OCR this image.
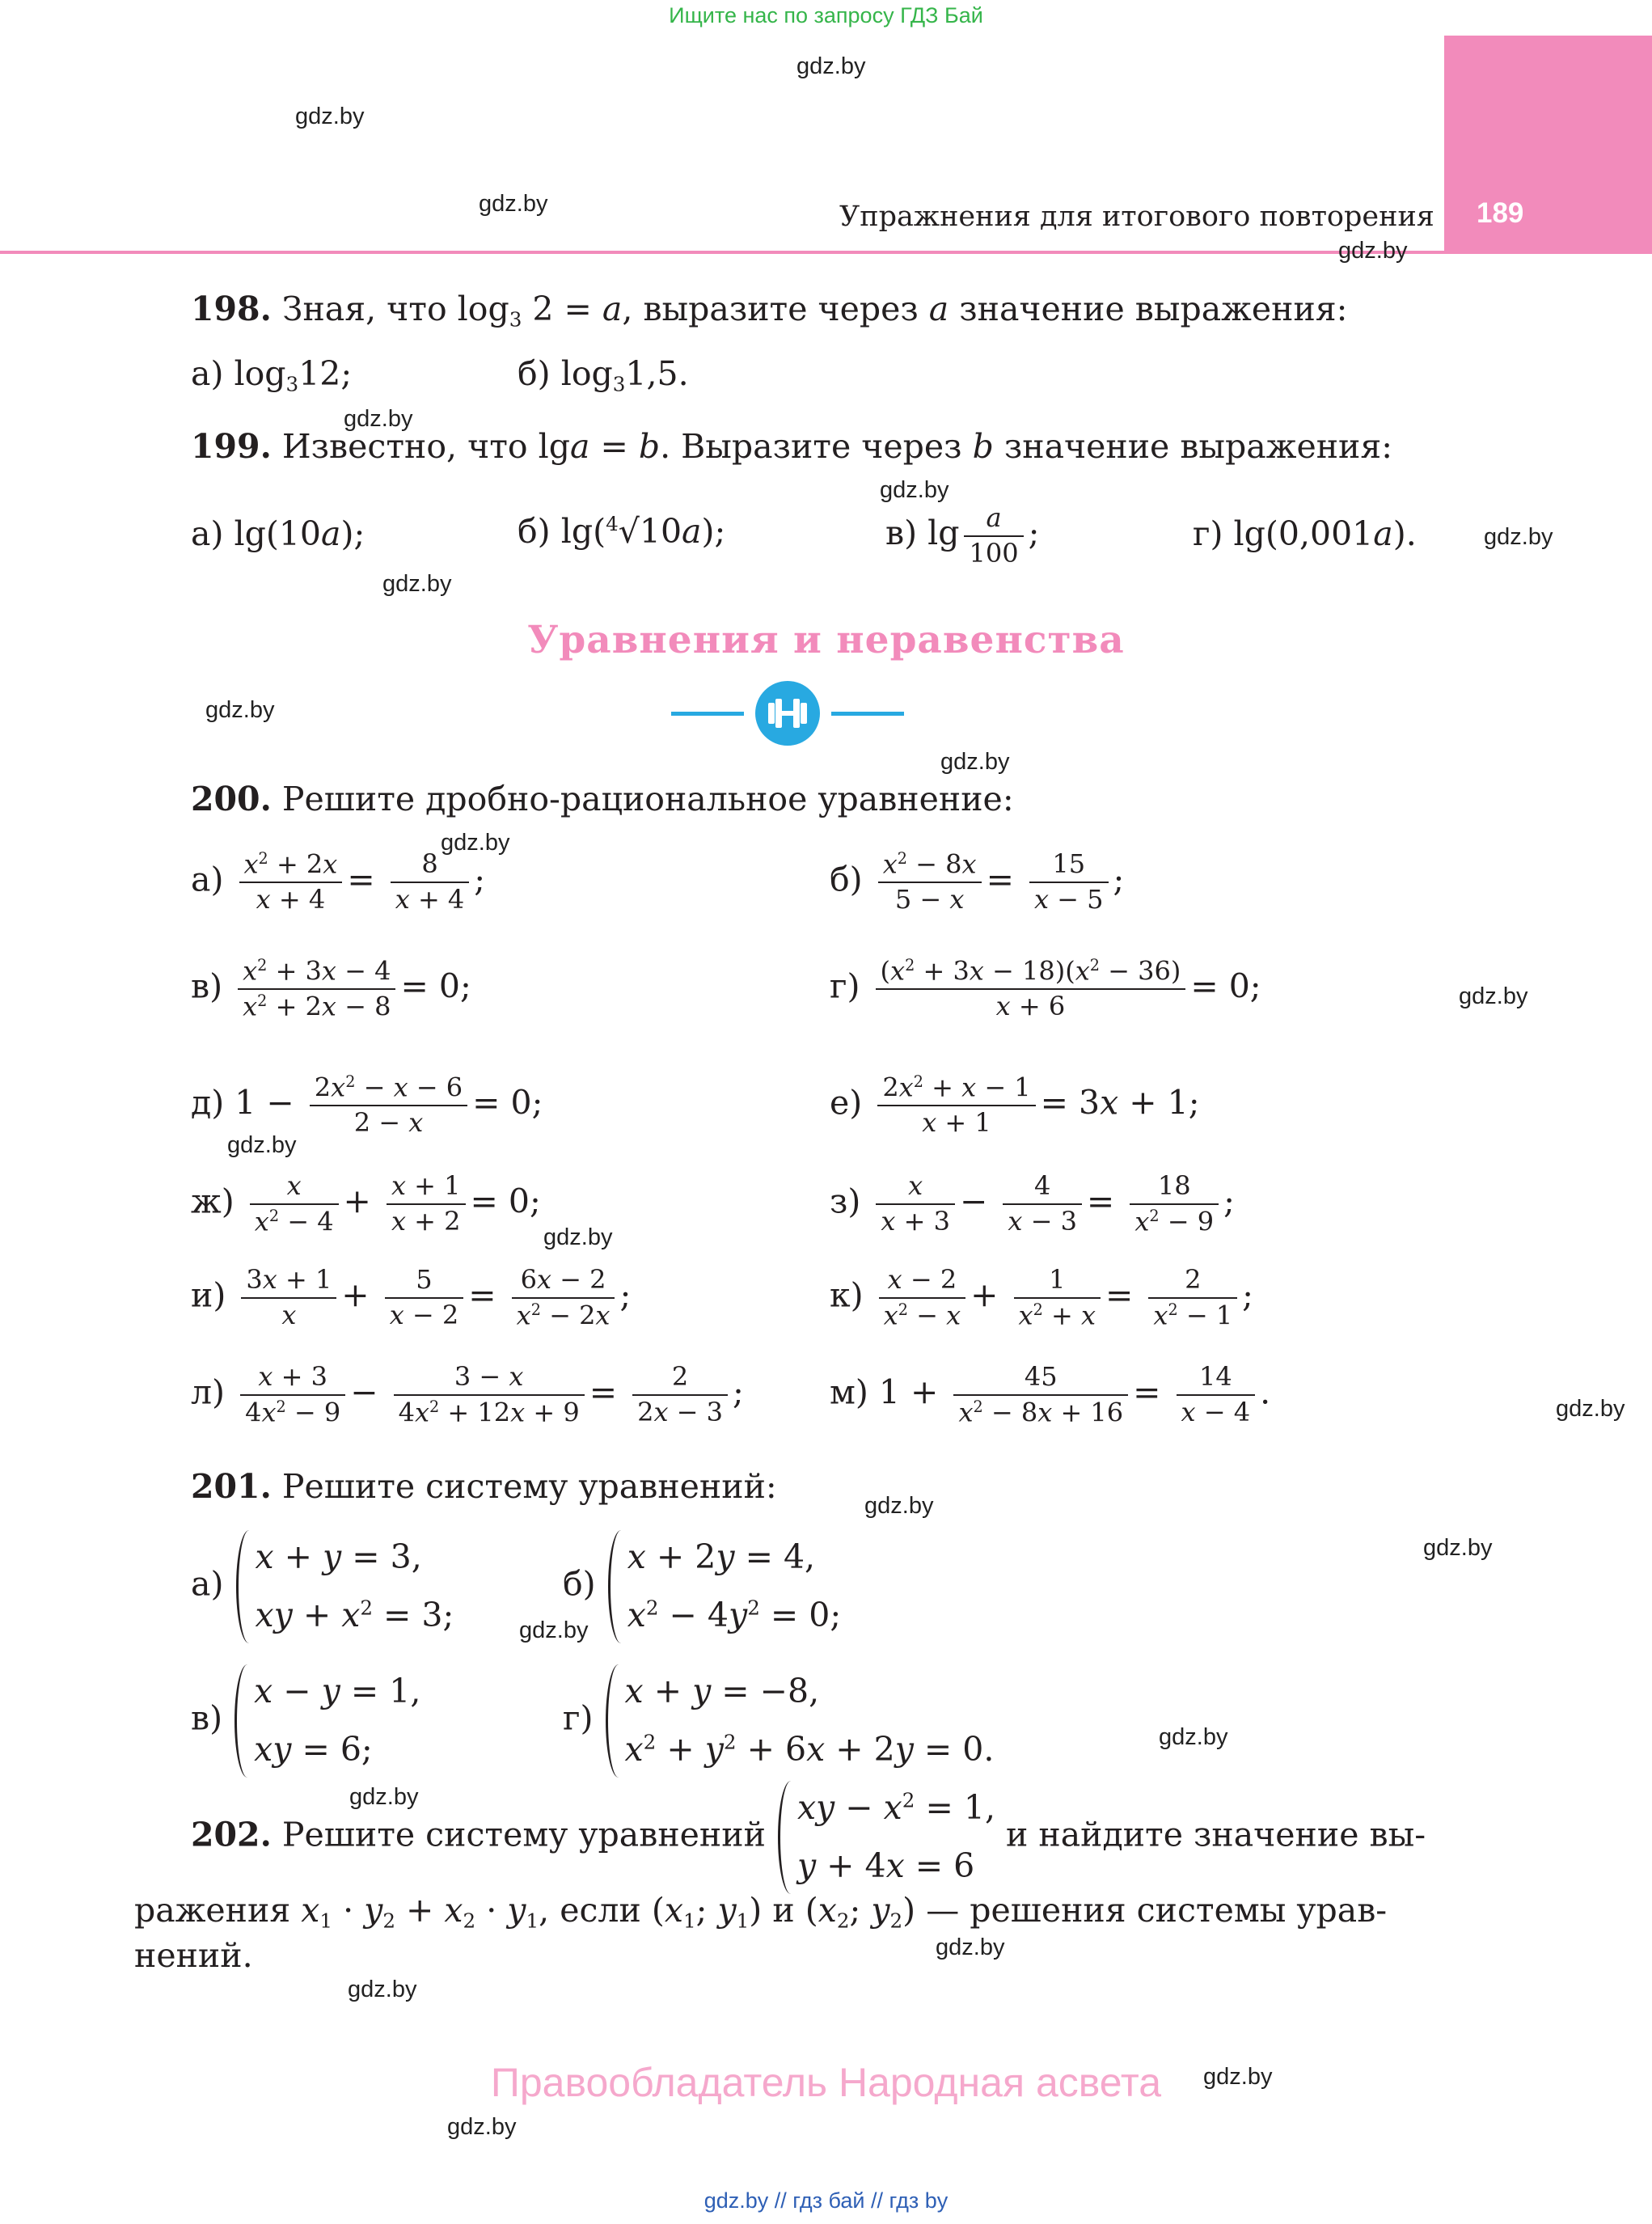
Ищите нас по запросу ГДЗ Бай
189
Упражнения для итогового повторения
gdz.by
gdz.by
gdz.by
gdz.by
gdz.by
gdz.by
gdz.by
gdz.by
gdz.by
gdz.by
gdz.by
gdz.by
gdz.by
gdz.by
gdz.by
gdz.by
gdz.by
gdz.by
gdz.by
gdz.by
gdz.by
gdz.by
gdz.by
gdz.by
198. Зная, что $\log_3 2 = a$, выразите через a значение выражения:
а) $\log_312$;	б) $\log_31,5$.
199. Известно, что lga = b. Выразите через b значение выражения:
а) lg(10a);	б) lg($^4$√10a);	в) $\lg \frac{a}{100}$ ;	г) lg(0,001a).
Уравнения и неравенства
200. Решите дробно-рациональное уравнение:
$а) \frac{x^2 + 2x}{x + 4} = \frac{8}{x + 4}$ ;	$б) \frac{x^2 - 8x}{5 - x} = \frac{15}{x - 5}$ ;
$в) \frac{x^2 + 3x - 4}{x^2 + 2x - 8} = 0$;	$г) \frac{(x^2 + 3x - 18)(x^2 - 36)}{x + 6} = 0$;
д) $1 - \frac{2x^2 - x - 6}{2 - x} = 0$;	$е) \frac{2x^2 + x - 1}{x + 1} = 3x + 1$;
$ж) \frac{x}{x^2 - 4} + \frac{x + 1}{x + 2} = 0$;	$з) \frac{x}{x + 3} - \frac{4}{x - 3} = \frac{18}{x^2 - 9}$ ;
$и) \frac{3x + 1}{x} + \frac{5}{x - 2} = \frac{6x - 2}{x^2 - 2x}$ ;	$к) \frac{x - 2}{x^2 - x} + \frac{1}{x^2 + x} = \frac{2}{x^2 - 1}$ ;
$л) \frac{x + 3}{4x^2 - 9} - \frac{3 - x}{4x^2 + 12x + 9} = \frac{2}{2x - 3}$ ;	м) $1 + \frac{45}{x^2 - 8x + 16} = \frac{14}{x - 4}$ .
201. Решите систему уравнений:
а)
x + y = 3,
xy + $x^2 = 3$;
б)
x + 2y = 4,
$x^2 - 4y^2 = 0$;
в)
x − y = 1,
xy = 6;
г)
x + y = −8,
$x^2 + y^2 + 6x + 2y = 0$.
202. Решите систему уравнений
xy − $x^2 = 1$,
y + 4x = 6
и найдите значение вы-
ражения $x_1 \cdot y_2 + x_2 \cdot y_1$, если ($x_1$; $y_1$) и ($x_2$; $y_2$) — решения системы урав-
нений.
Правообладатель Народная асвета
gdz.by // гдз бай // гдз by
